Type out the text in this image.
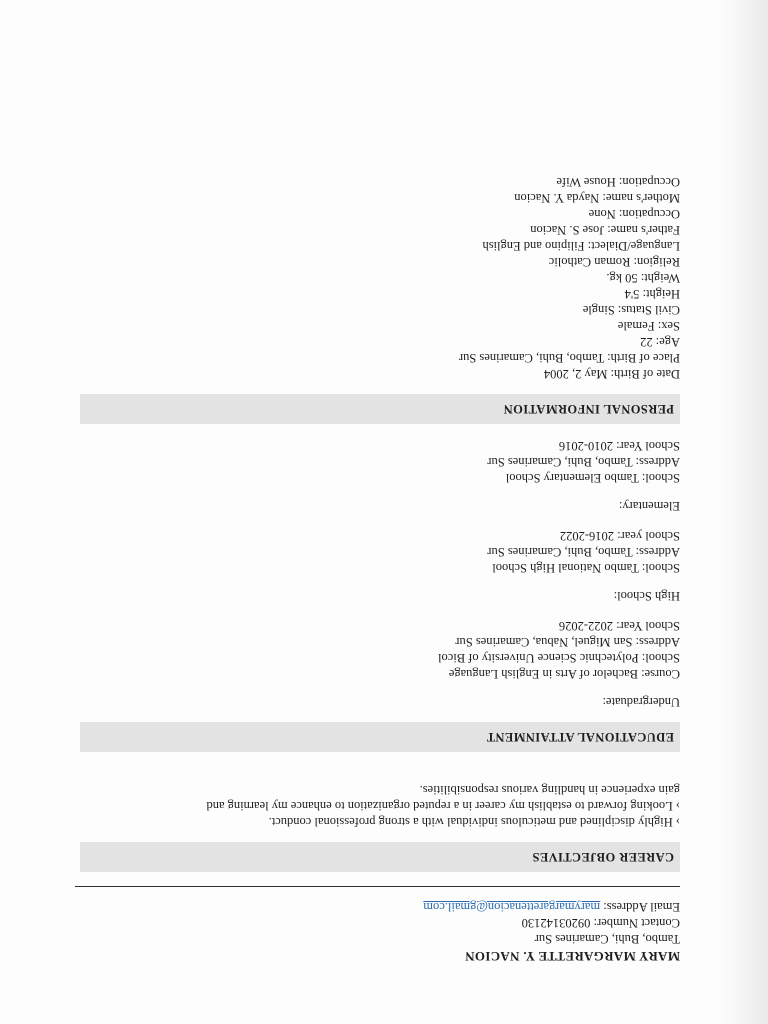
MARY MARGARETTE Y. NACION

Tambo, Buhi, Camarines Sur

Contact Number: 09203142130

Email Address: marymargarettenacion@gmail.com

CAREER OBJECTIVES

› Highly disciplined and meticulous individual with a strong professional conduct.

› Looking forward to establish my career in a reputed organization to enhance my learning and

gain experience in handling various responsibilities.

EDUCATIONAL ATTAINMENT

Undergraduate:

Course: Bachelor of Arts in English Language

School: Polytechnic Science University of Bicol

Address: San Miguel, Nabua, Camarines Sur

School Year: 2022-2026

High School:

School: Tambo National High School

Address: Tambo, Buhi, Camarines Sur

School year: 2016-2022

Elementary:

School: Tambo Elementary School

Address: Tambo, Buhi, Camarines Sur

School Year: 2010-2016

PERSONAL INFORMATION

Date of Birth: May 2, 2004

Place of Birth: Tambo, Buhi, Camarines Sur

Age: 22

Sex: Female

Civil Status: Single

Height: 5'4

Weight: 50 kg.

Religion: Roman Catholic

Language/Dialect: Filipino and English

Father's name: Jose S. Nacion

Occupation: None

Mother's name: Nayda Y. Nacion

Occupation: House Wife
